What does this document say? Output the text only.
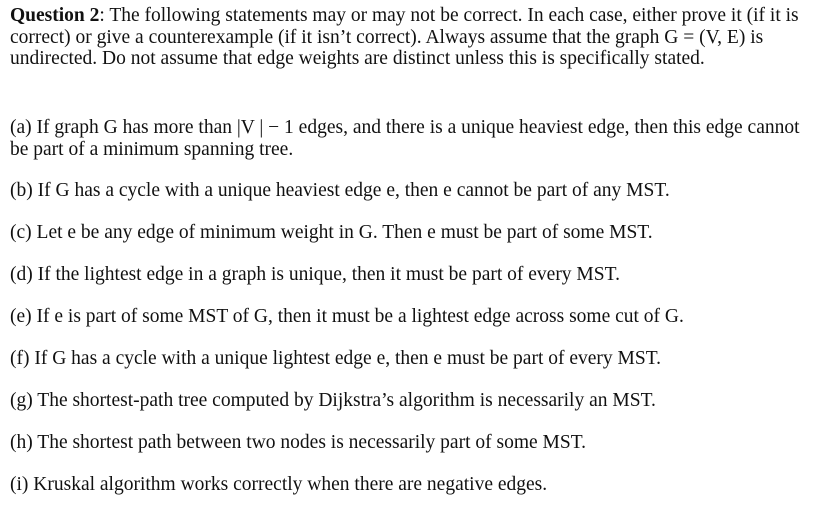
Question 2: The following statements may or may not be correct. In each case, either prove it (if it is correct) or give a counterexample (if it isn’t correct). Always assume that the graph G = (V, E) is undirected. Do not assume that edge weights are distinct unless this is specifically stated.

(a) If graph G has more than |V | − 1 edges, and there is a unique heaviest edge, then this edge cannot be part of a minimum spanning tree.

(b) If G has a cycle with a unique heaviest edge e, then e cannot be part of any MST.

(c) Let e be any edge of minimum weight in G. Then e must be part of some MST.

(d) If the lightest edge in a graph is unique, then it must be part of every MST.

(e) If e is part of some MST of G, then it must be a lightest edge across some cut of G.

(f) If G has a cycle with a unique lightest edge e, then e must be part of every MST.

(g) The shortest-path tree computed by Dijkstra’s algorithm is necessarily an MST.

(h) The shortest path between two nodes is necessarily part of some MST.

(i) Kruskal algorithm works correctly when there are negative edges.
